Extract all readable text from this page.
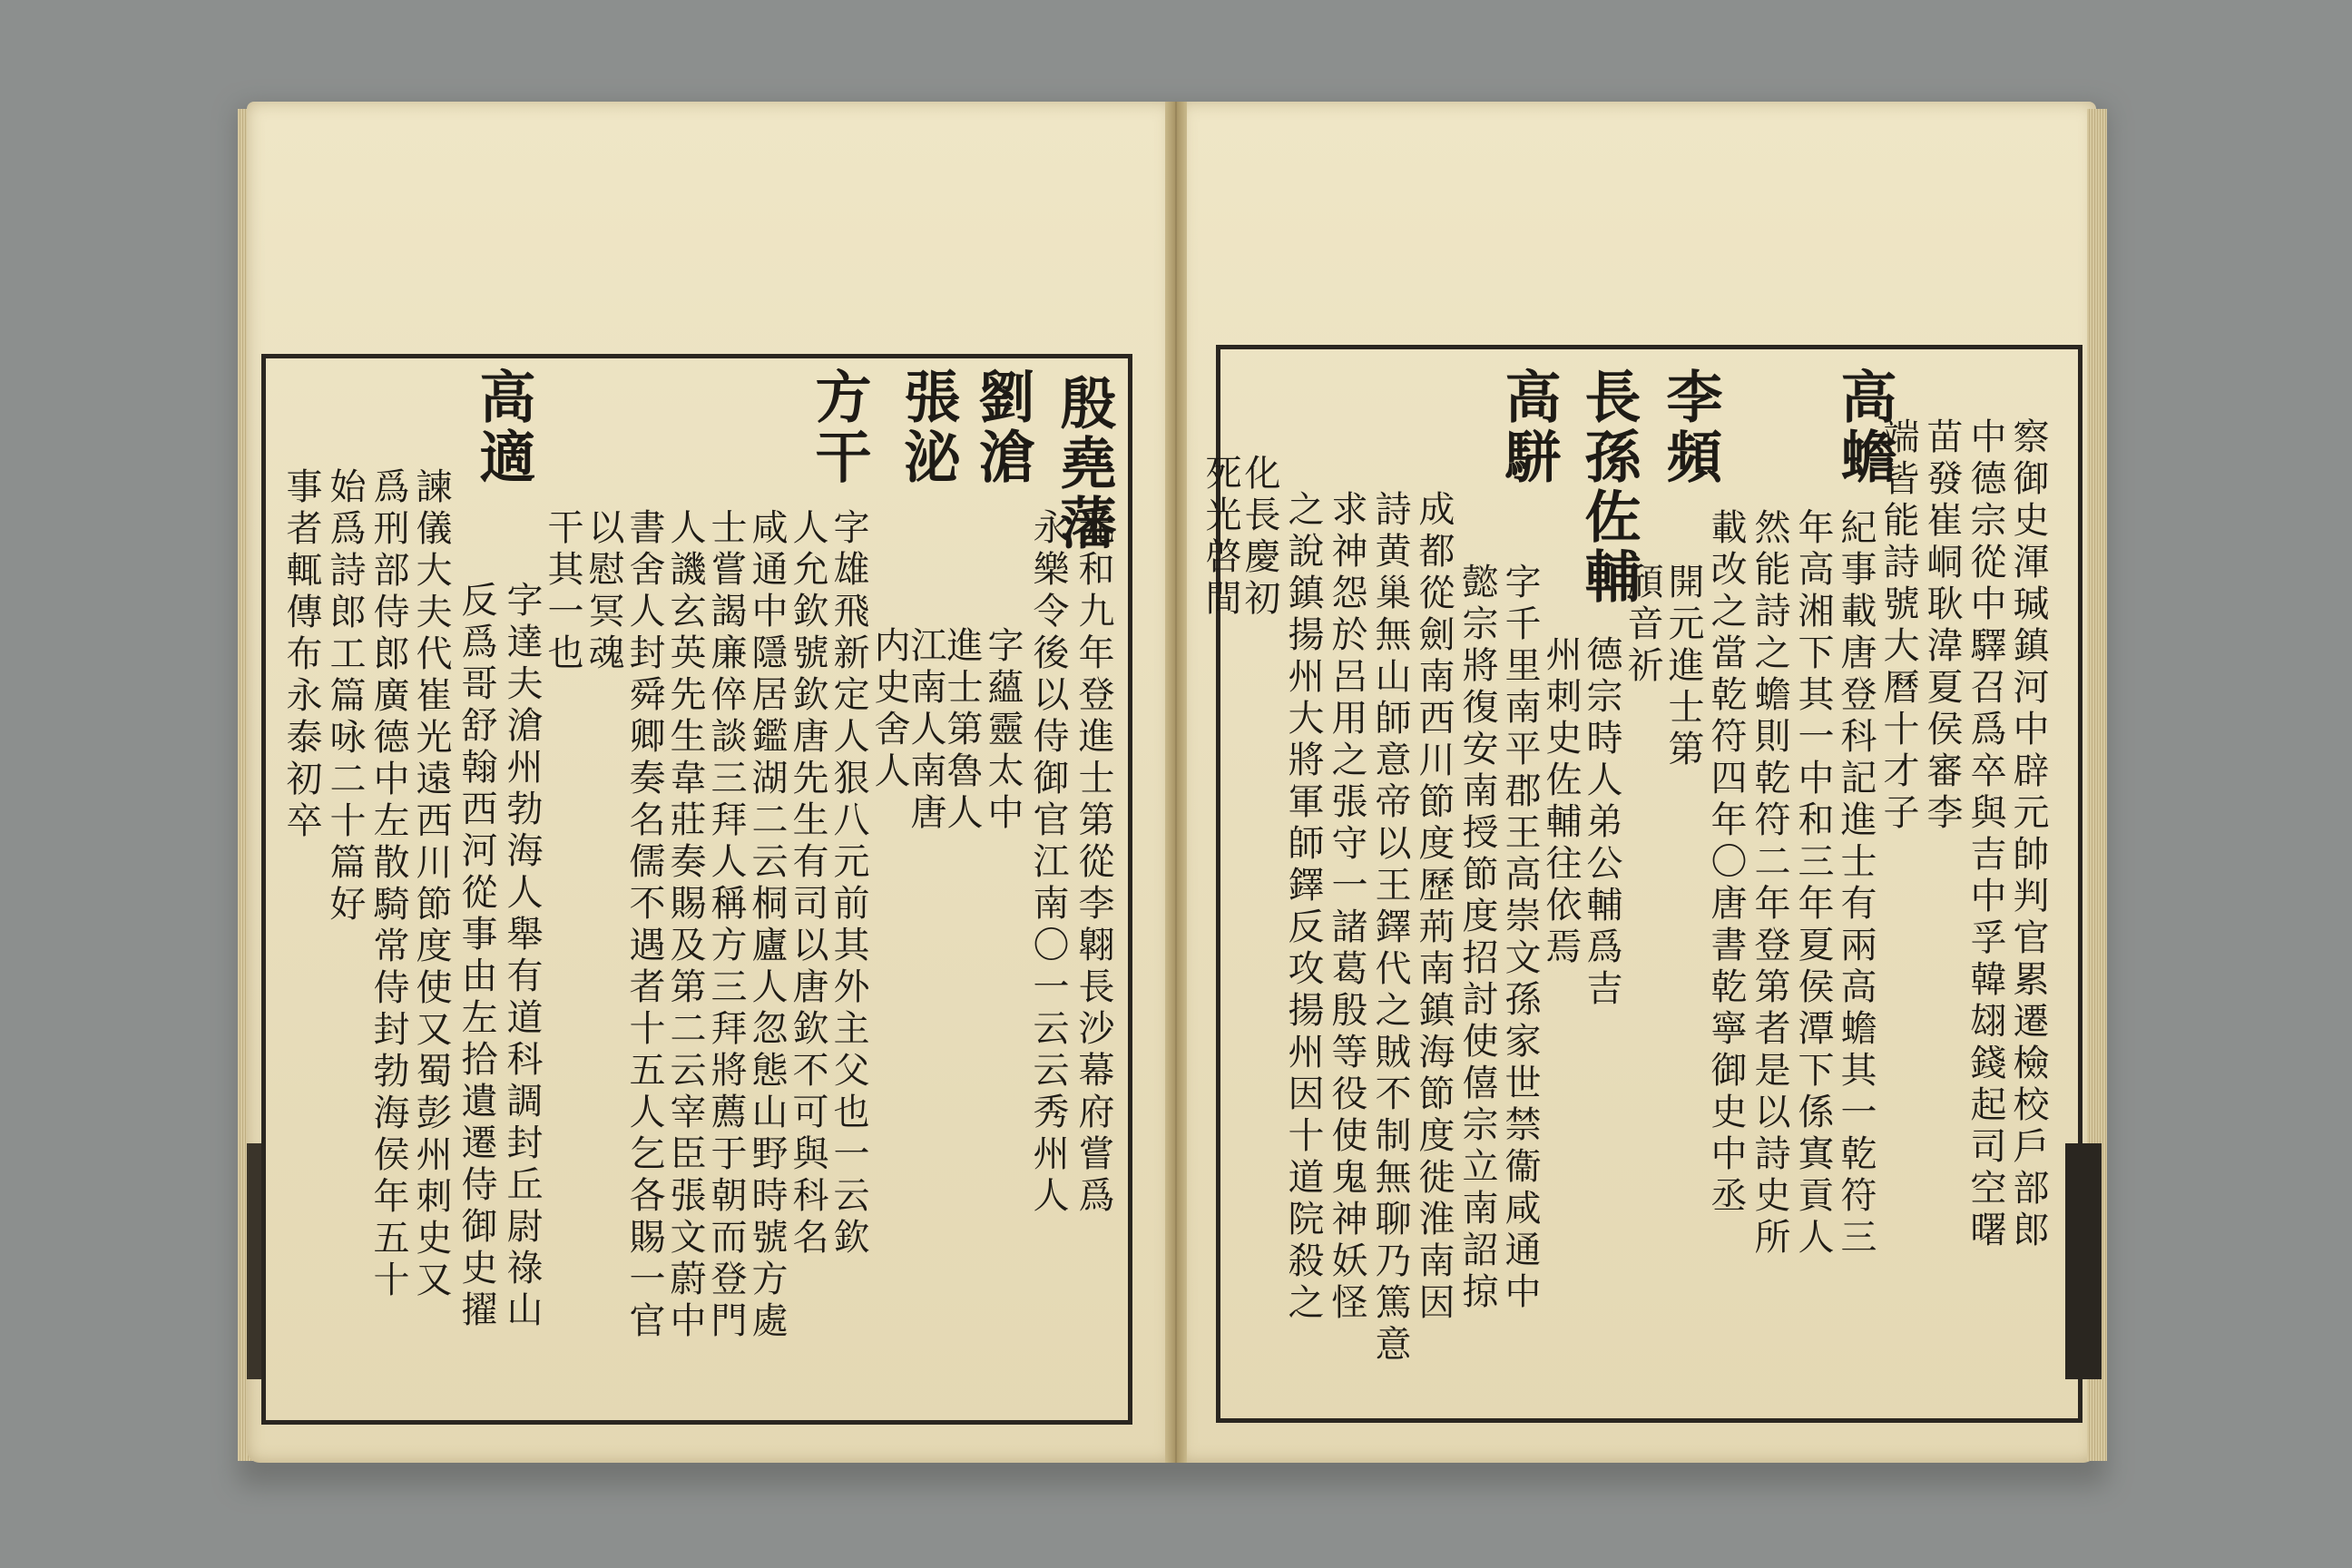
殷堯藩
元和九年登進士第從李翺長沙幕府嘗爲
永樂令後以侍御官江南〇一云云秀州人
劉滄
字蘊靈太中
進士第魯人
張泌
江南人南唐
内史舍人
方干
字雄飛新定人狠八元前其外主父也一云欽
人允欽號欽唐先生有司以唐欽不可與科名
咸通中隱居鑑湖二云桐廬人忽態山野時號方處
士嘗謁廉倅談三拜人稱方三拜將薦于朝而登門
人譏玄英先生韋莊奏賜及第二云宰臣張文蔚中
書舍人封舜卿奏名儒不遇者十五人乞各賜一官
以慰冥魂
干其一也
高適
字達夫滄州勃海人舉有道科調封丘尉祿山
反爲哥舒翰西河從事由左拾遺遷侍御史擢
諫儀大夫代崔光遠西川節度使又蜀彭州刺史又
爲刑部侍郎廣德中左散騎常侍封勃海侯年五十
始爲詩郎工篇咏二十篇好
事者輒傳布永泰初卒	察御史渾瑊鎮河中辟元帥判官累遷檢校戶部郎
中德宗從中驛召爲卒與吉中孚韓翃錢起司空曙
苗發崔峒耿湋夏侯審李
端皆能詩號大曆十才子
高蟾
紀事載唐登科記進士有兩高蟾其一乾符三
年高湘下其一中和三年夏侯潭下係寘貢人
然能詩之蟾則乾符二年登第者是以詩史所
載改之當乾符四年〇唐書乾寧御史中丞
李頻
開元進士第
頎音祈
長孫佐輔
德宗時人弟公輔爲吉
州刺史佐輔往依焉
高駢
字千里南平郡王高崇文孫家世禁衞咸通中
懿宗將復安南授節度招討使僖宗立南詔掠
成都從劍南西川節度歷荊南鎮海節度徙淮南因
詩黄巢無山師意帝以王鐸代之賊不制無聊乃篤意
求神怨於呂用之張守一諸葛殷等役使鬼神妖怪
之說鎮揚州大將軍師鐸反攻揚州因十道院殺之
化長慶初
死光啓間
